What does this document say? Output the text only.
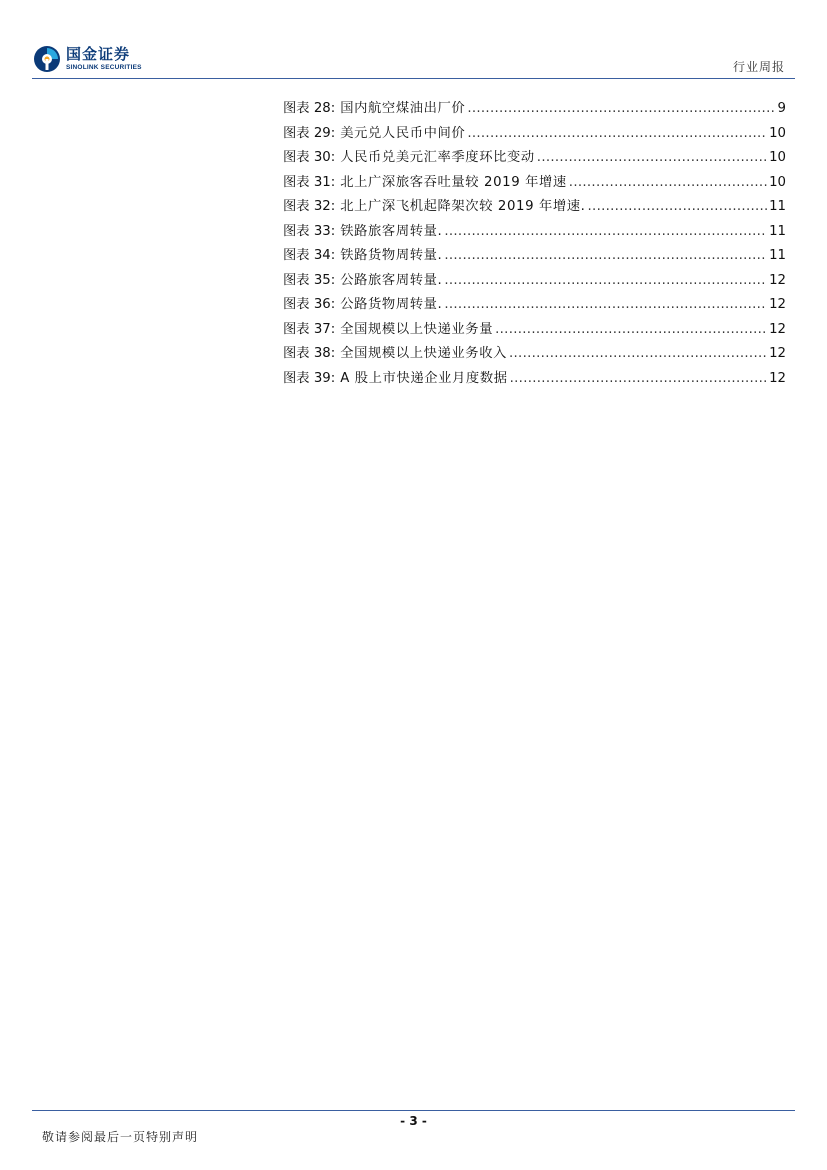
国金证券
SINOLINK SECURITIES	行业周报
图表 28 : 国内航空煤油出厂价 .....	9
图表 29 : 美元兑人民币中间价 .....	10
图表 30 : 人民币兑美元汇率季度环比变动 .....	10
图表 31 : 北上广深旅客吞吐量较 2019 年增速 .....	10
图表 32 : 北上广深飞机起降架次较 2019 年增速. .....	11
图表 33 : 铁路旅客周转量. .....	11
图表 34 : 铁路货物周转量. .....	11
图表 35 : 公路旅客周转量. .....	12
图表 36 : 公路货物周转量. .....	12
图表 37 : 全国规模以上快递业务量 .....	12
图表 38 : 全国规模以上快递业务收入 .....	12
图表 39 : A 股上市快递企业月度数据 .....	12
- 3 -
敬请参阅最后一页特别声明
